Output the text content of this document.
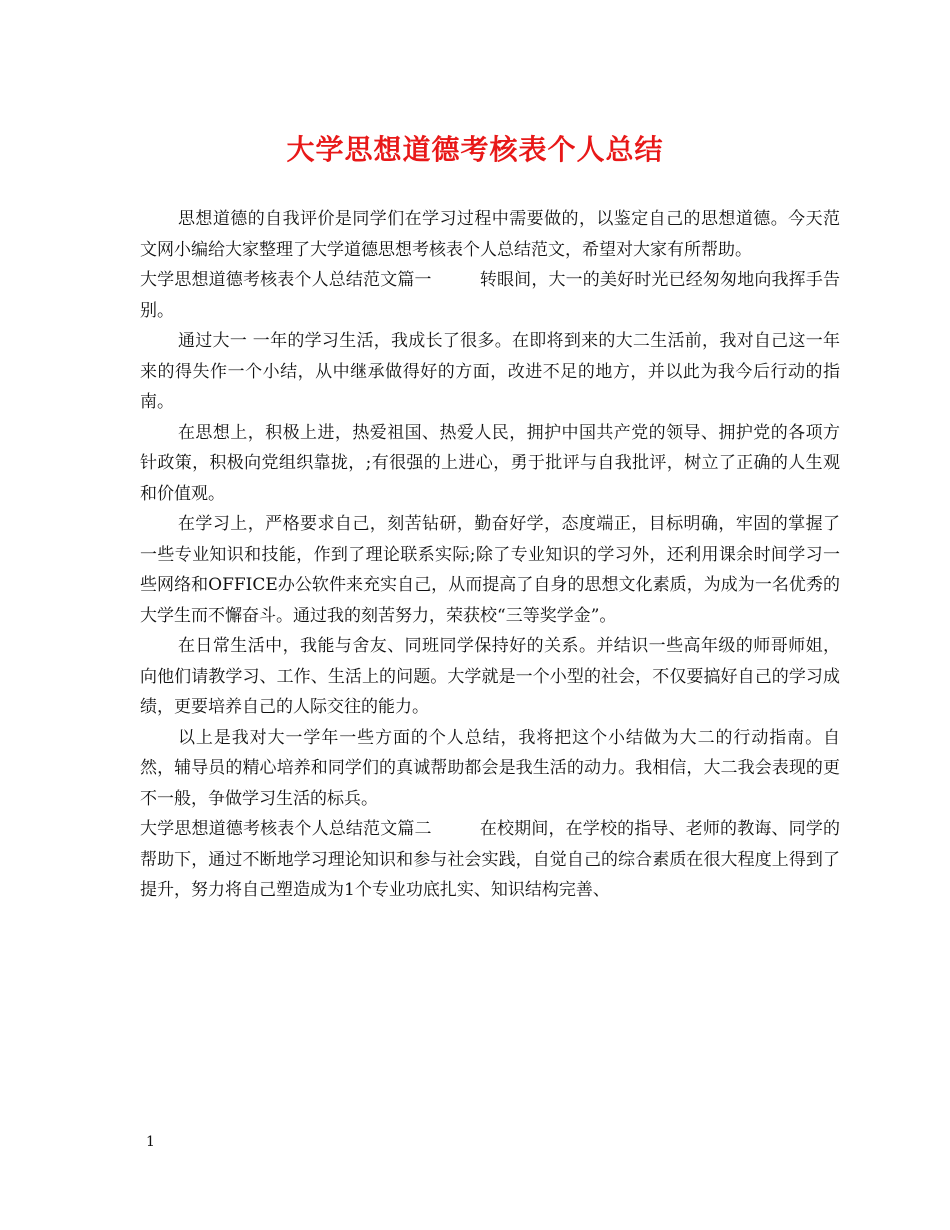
大学思想道德考核表个人总结

思想道德的自我评价是同学们在学习过程中需要做的，以鉴定自己的思想道德。今天范文网小编给大家整理了大学道德思想考核表个人总结范文，希望对大家有所帮助。

大学思想道德考核表个人总结范文篇一	转眼间，大一的美好时光已经匆匆地向我挥手告别。

通过大一 一年的学习生活，我成长了很多。在即将到来的大二生活前，我对自己这一年来的得失作一个小结，从中继承做得好的方面，改进不足的地方，并以此为我今后行动的指南。

在思想上，积极上进，热爱祖国、热爱人民，拥护中国共产党的领导、拥护党的各项方针政策，积极向党组织靠拢，;有很强的上进心，勇于批评与自我批评，树立了正确的人生观和价值观。

在学习上，严格要求自己，刻苦钻研，勤奋好学，态度端正，目标明确，牢固的掌握了一些专业知识和技能，作到了理论联系实际;除了专业知识的学习外，还利用课余时间学习一些网络和OFFICE办公软件来充实自己，从而提高了自身的思想文化素质，为成为一名优秀的大学生而不懈奋斗。通过我的刻苦努力，荣获校“三等奖学金”。

在日常生活中，我能与舍友、同班同学保持好的关系。并结识一些高年级的师哥师姐，向他们请教学习、工作、生活上的问题。大学就是一个小型的社会，不仅要搞好自己的学习成绩，更要培养自己的人际交往的能力。

以上是我对大一学年一些方面的个人总结，我将把这个小结做为大二的行动指南。自然，辅导员的精心培养和同学们的真诚帮助都会是我生活的动力。我相信，大二我会表现的更不一般，争做学习生活的标兵。

大学思想道德考核表个人总结范文篇二	在校期间，在学校的指导、老师的教诲、同学的帮助下，通过不断地学习理论知识和参与社会实践，自觉自己的综合素质在很大程度上得到了提升，努力将自己塑造成为1个专业功底扎实、知识结构完善、

1
